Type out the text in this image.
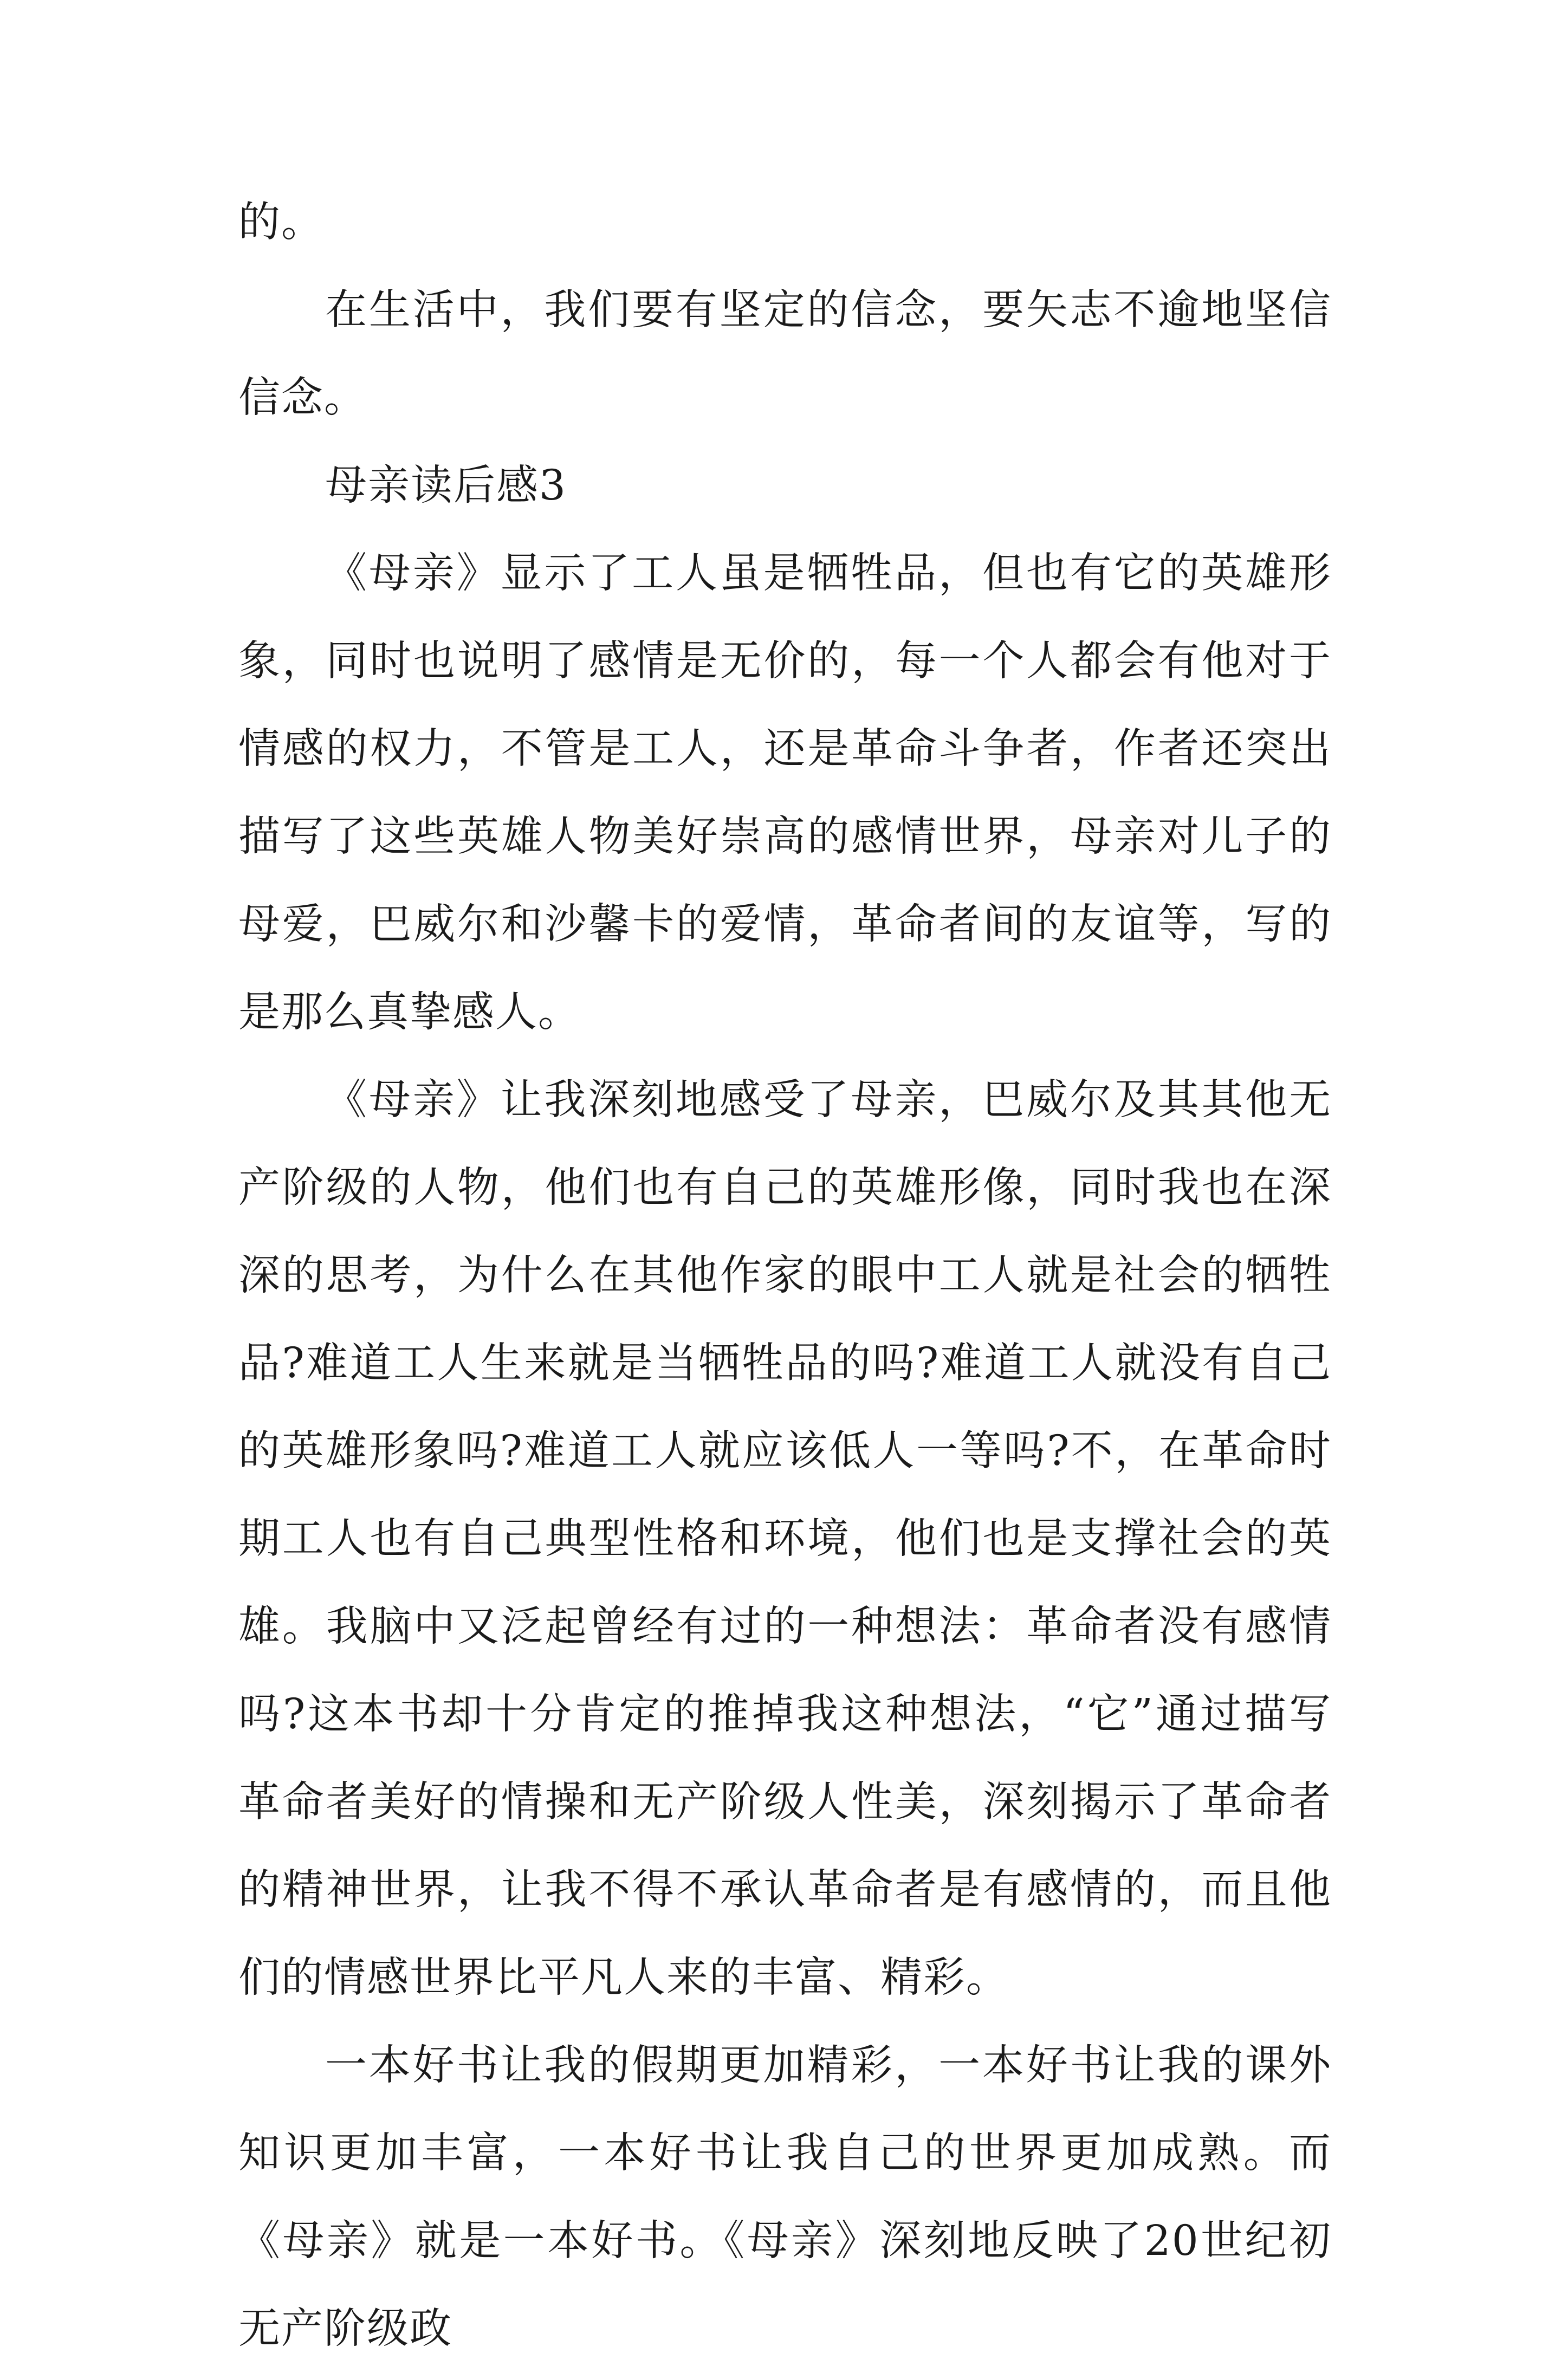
的。

在生活中，我们要有坚定的信念，要矢志不逾地坚信信念。

母亲读后感3

《母亲》显示了工人虽是牺牲品，但也有它的英雄形象，同时也说明了感情是无价的，每一个人都会有他对于情感的权力，不管是工人，还是革命斗争者，作者还突出描写了这些英雄人物美好崇高的感情世界，母亲对儿子的母爱，巴威尔和沙馨卡的爱情，革命者间的友谊等，写的是那么真挚感人。

《母亲》让我深刻地感受了母亲，巴威尔及其其他无产阶级的人物，他们也有自己的英雄形像，同时我也在深深的思考，为什么在其他作家的眼中工人就是社会的牺牲品?难道工人生来就是当牺牲品的吗?难道工人就没有自己的英雄形象吗?难道工人就应该低人一等吗?不，在革命时期工人也有自己典型性格和环境，他们也是支撑社会的英雄。我脑中又泛起曾经有过的一种想法：革命者没有感情吗?这本书却十分肯定的推掉我这种想法，“它”通过描写革命者美好的情操和无产阶级人性美，深刻揭示了革命者的精神世界，让我不得不承认革命者是有感情的，而且他们的情感世界比平凡人来的丰富、精彩。

一本好书让我的假期更加精彩，一本好书让我的课外知识更加丰富，一本好书让我自己的世界更加成熟。而《母亲》就是一本好书。《母亲》深刻地反映了20世纪初无产阶级政
